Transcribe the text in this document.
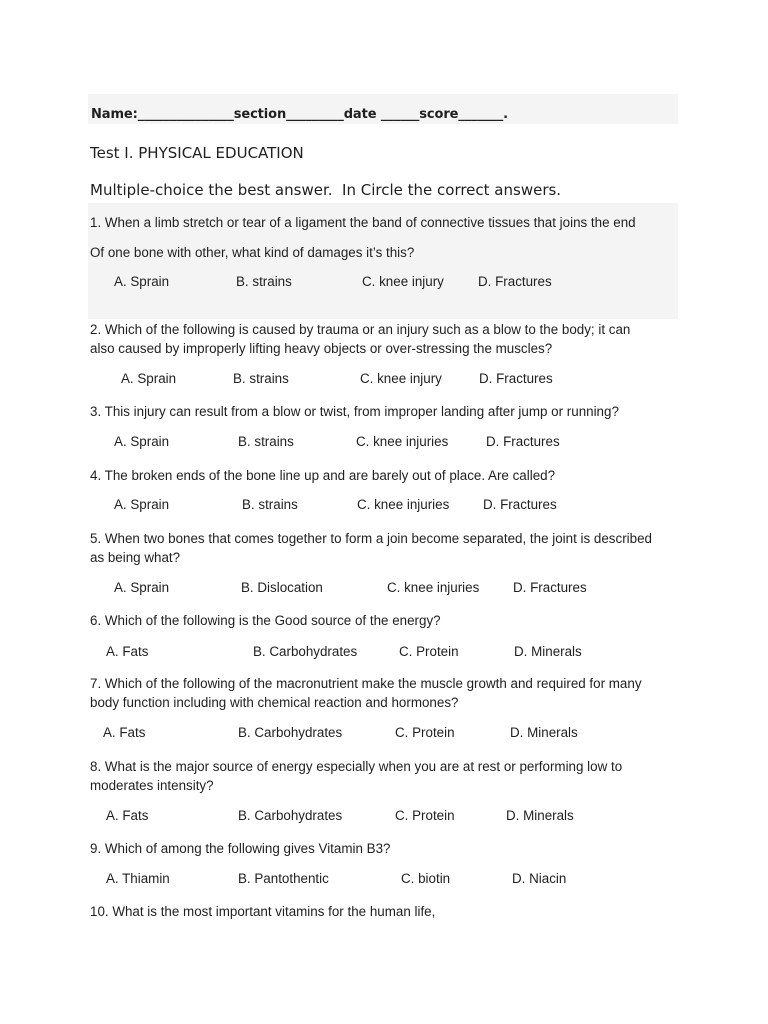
Name:_______________section_________date ______score_______.
Test I. PHYSICAL EDUCATION
Multiple-choice the best answer.  In Circle the correct answers.
1. When a limb stretch or tear of a ligament the band of connective tissues that joins the end
Of one bone with other, what kind of damages it’s this?
A. Sprain	B. strains	C. knee injury	D. Fractures
2. Which of the following is caused by trauma or an injury such as a blow to the body; it can
also caused by improperly lifting heavy objects or over-stressing the muscles?
A. Sprain	B. strains	C. knee injury	D. Fractures
3. This injury can result from a blow or twist, from improper landing after jump or running?
A. Sprain	B. strains	C. knee injuries	D. Fractures
4. The broken ends of the bone line up and are barely out of place. Are called?
A. Sprain	B. strains	C. knee injuries	D. Fractures
5. When two bones that comes together to form a join become separated, the joint is described
as being what?
A. Sprain	B. Dislocation	C. knee injuries	D. Fractures
6. Which of the following is the Good source of the energy?
A. Fats	B. Carbohydrates	C. Protein	D. Minerals
7. Which of the following of the macronutrient make the muscle growth and required for many
body function including with chemical reaction and hormones?
A. Fats	B. Carbohydrates	C. Protein	D. Minerals
8. What is the major source of energy especially when you are at rest or performing low to
moderates intensity?
A. Fats	B. Carbohydrates	C. Protein	D. Minerals
9. Which of among the following gives Vitamin B3?
A. Thiamin	B. Pantothentic	C. biotin	D. Niacin
10. What is the most important vitamins for the human life,
